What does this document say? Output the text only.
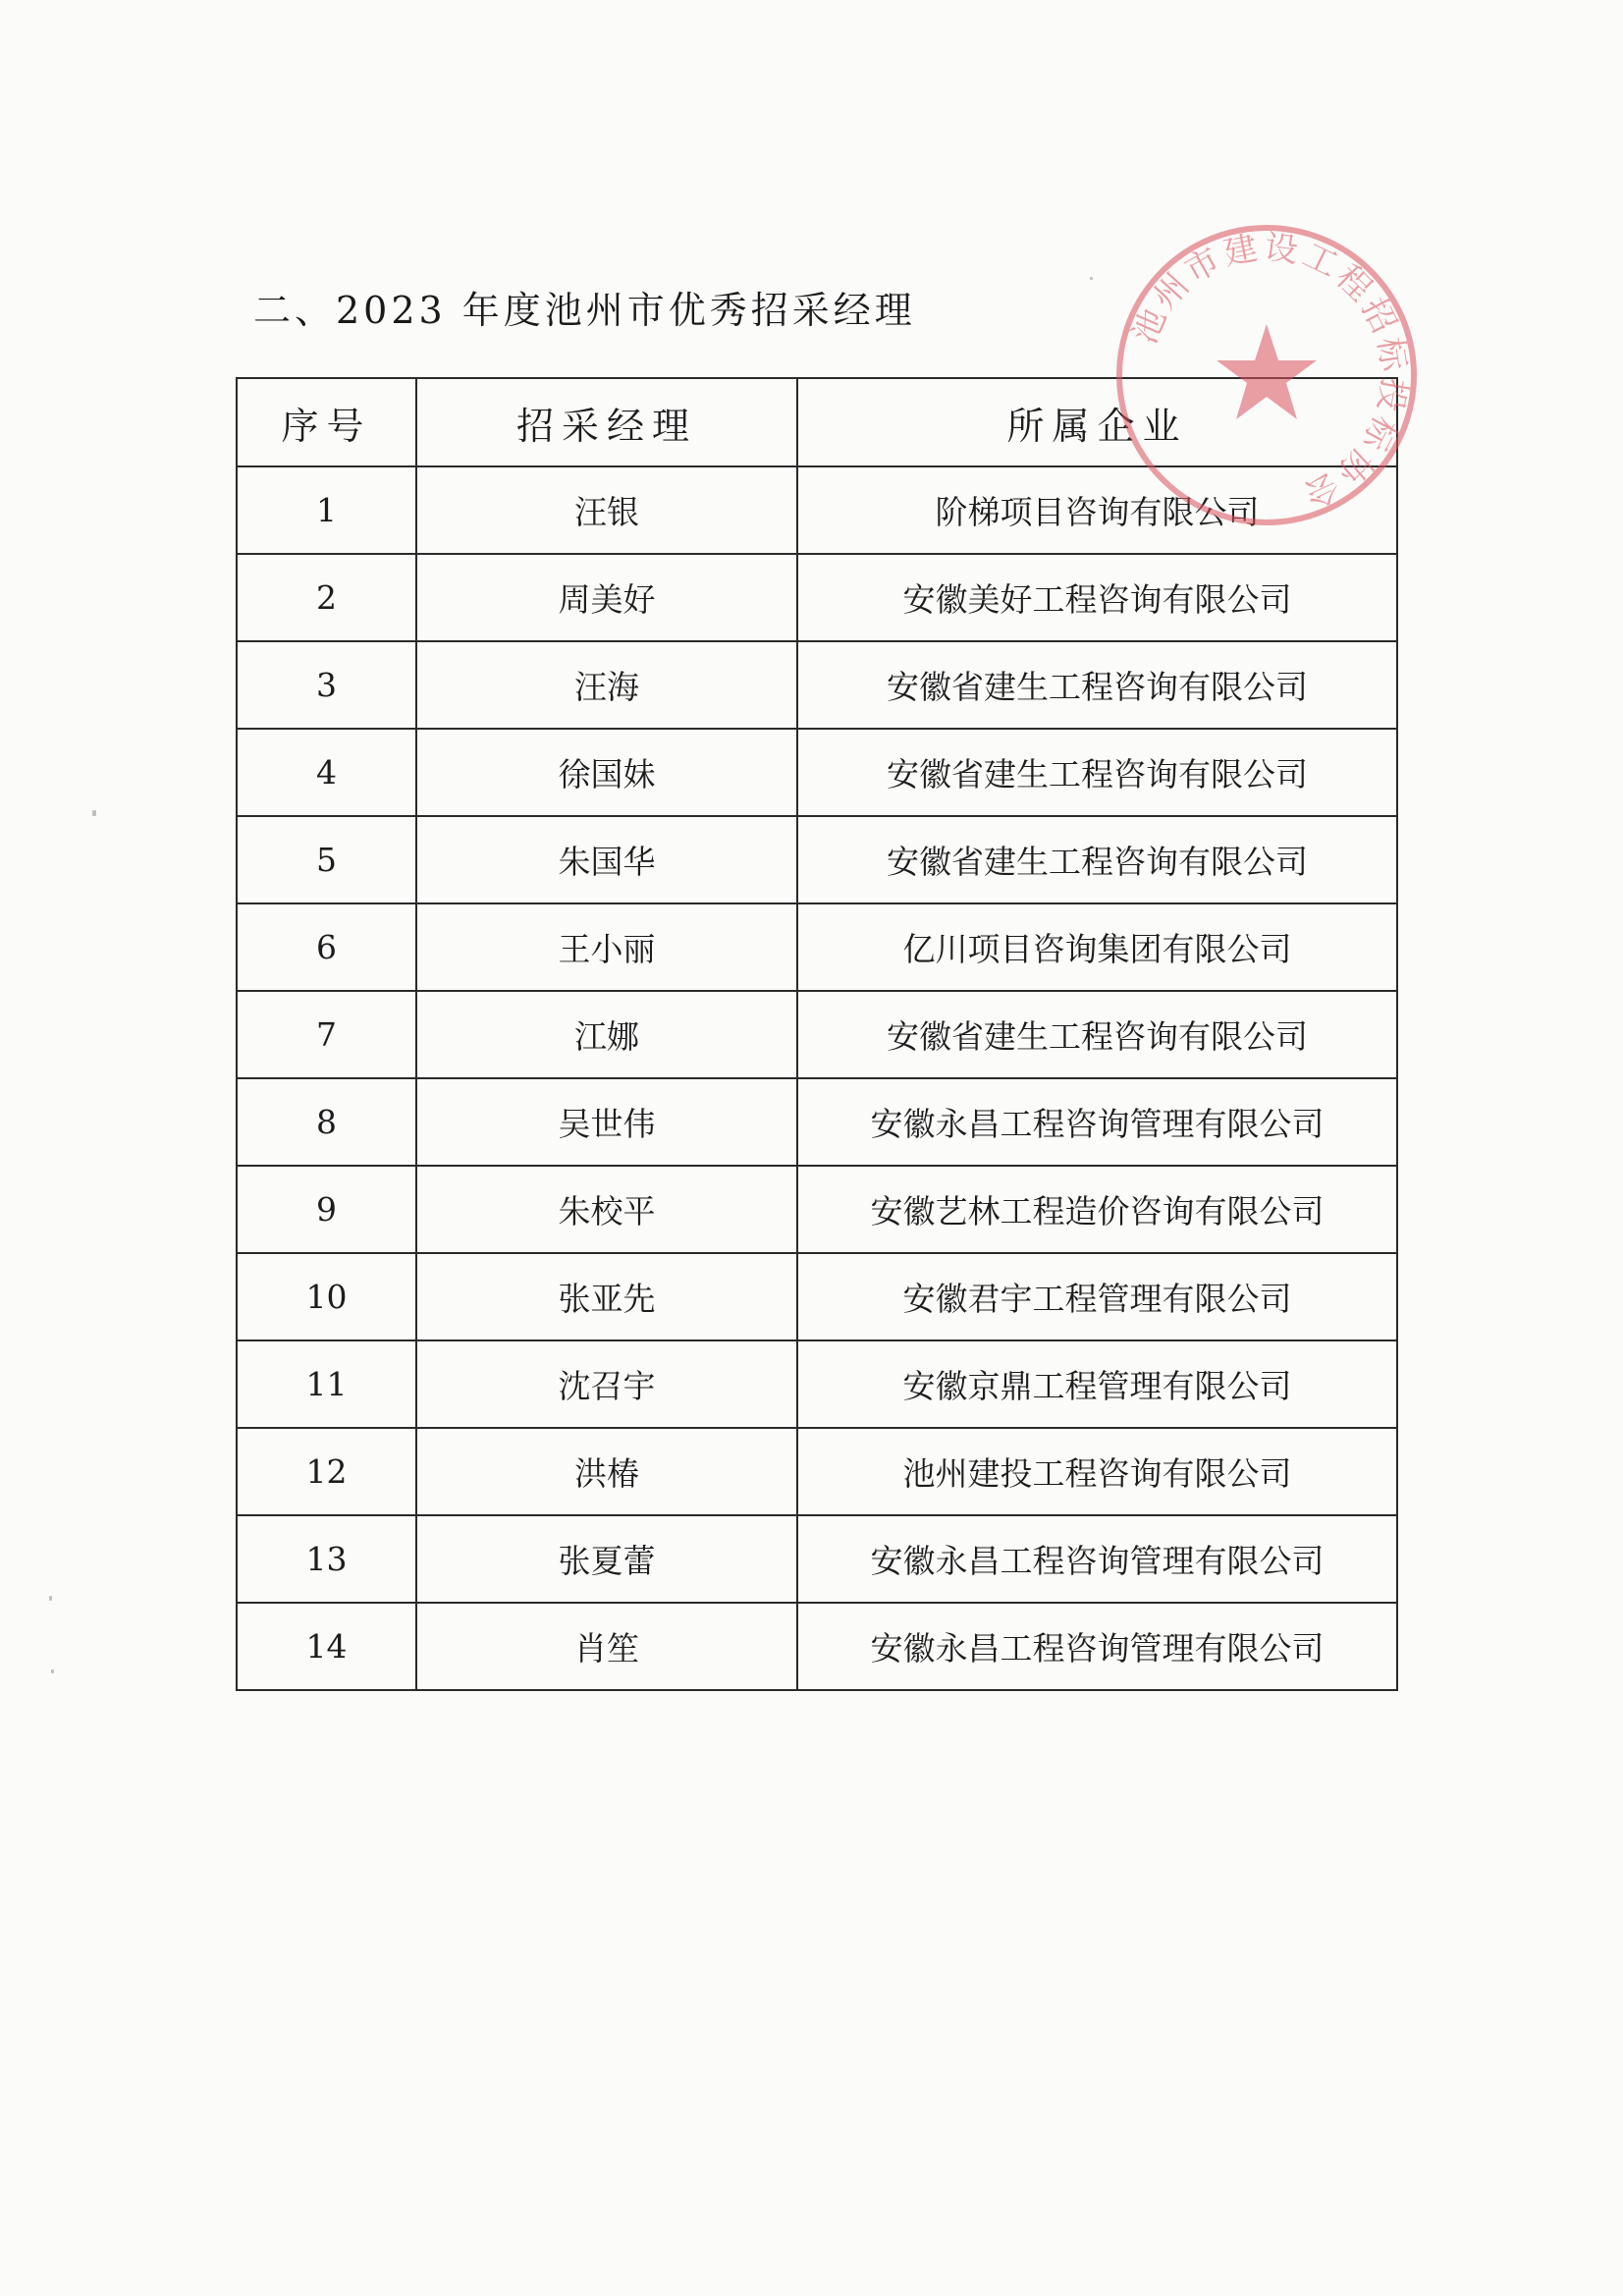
二、2023 年度池州市优秀招采经理
序号	招采经理	所属企业
1	汪银	阶梯项目咨询有限公司
2	周美好	安徽美好工程咨询有限公司
3	汪海	安徽省建生工程咨询有限公司
4	徐国妹	安徽省建生工程咨询有限公司
5	朱国华	安徽省建生工程咨询有限公司
6	王小丽	亿川项目咨询集团有限公司
7	江娜	安徽省建生工程咨询有限公司
8	吴世伟	安徽永昌工程咨询管理有限公司
9	朱校平	安徽艺林工程造价咨询有限公司
10	张亚先	安徽君宇工程管理有限公司
11	沈召宇	安徽京鼎工程管理有限公司
12	洪椿	池州建投工程咨询有限公司
13	张夏蕾	安徽永昌工程咨询管理有限公司
14	肖笙	安徽永昌工程咨询管理有限公司
池州市建设工程招标投标协会
